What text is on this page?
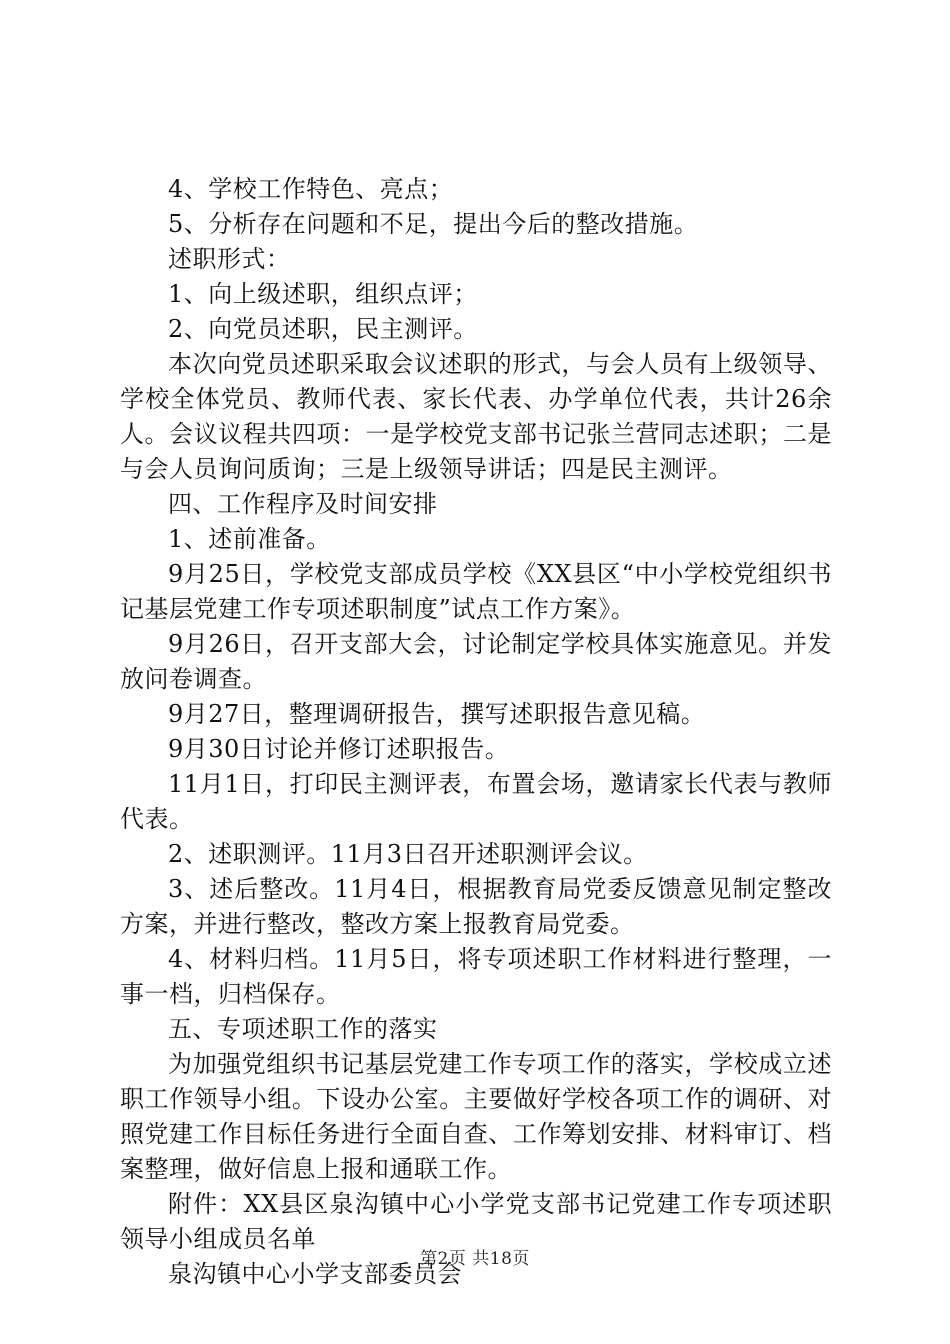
4、学校工作特色、亮点；

5、分析存在问题和不足，提出今后的整改措施。

述职形式：

1、向上级述职，组织点评；

2、向党员述职，民主测评。

本次向党员述职采取会议述职的形式，与会人员有上级领导、学校全体党员、教师代表、家长代表、办学单位代表，共计26余人。会议议程共四项：一是学校党支部书记张兰营同志述职；二是与会人员询问质询；三是上级领导讲话；四是民主测评。

四、工作程序及时间安排

1、述前准备。

9月25日，学校党支部成员学校《XX县区“中小学校党组织书记基层党建工作专项述职制度”试点工作方案》。

9月26日，召开支部大会，讨论制定学校具体实施意见。并发放问卷调查。

9月27日，整理调研报告，撰写述职报告意见稿。

9月30日讨论并修订述职报告。

11月1日，打印民主测评表，布置会场，邀请家长代表与教师代表。

2、述职测评。11月3日召开述职测评会议。

3、述后整改。11月4日，根据教育局党委反馈意见制定整改方案，并进行整改，整改方案上报教育局党委。

4、材料归档。11月5日，将专项述职工作材料进行整理，一事一档，归档保存。

五、专项述职工作的落实

为加强党组织书记基层党建工作专项工作的落实，学校成立述职工作领导小组。下设办公室。主要做好学校各项工作的调研、对照党建工作目标任务进行全面自查、工作筹划安排、材料审订、档案整理，做好信息上报和通联工作。

附件：XX县区泉沟镇中心小学党支部书记党建工作专项述职领导小组成员名单

泉沟镇中心小学支部委员会

第2页 共18页
